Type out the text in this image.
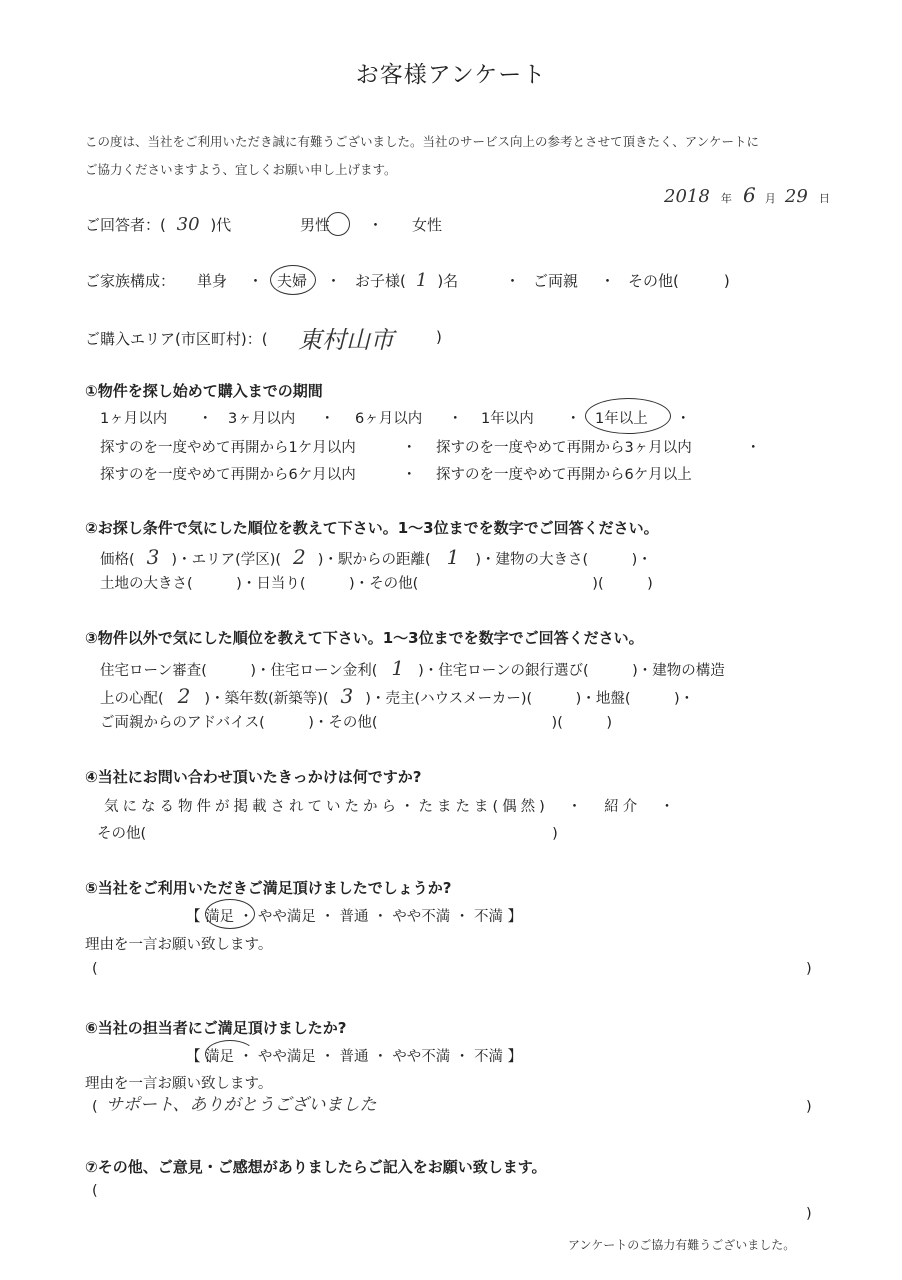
お客様アンケート
この度は、当社をご利用いただき誠に有難うございました。当社のサービス向上の参考とさせて頂きたく、アンケートに
ご協力くださいますよう、宜しくお願い申し上げます。
2018 年 6 月 29 日
ご回答者：( 30 )代	男性	・ 女性
ご家族構成： 単身 ・ 夫婦 ・ お子様( 1 )名	・ ご両親 ・ その他(　　　)
ご購入エリア(市区町村)：( 東村山市	)
①物件を探し始めて購入までの期間
1ヶ月以内 ・ 3ヶ月以内 ・ 6ヶ月以内 ・ 1年以内 ・ 1年以上 ・
探すのを一度やめて再開から1ケ月以内	・ 探すのを一度やめて再開から3ヶ月以内	・
探すのを一度やめて再開から6ケ月以内	・ 探すのを一度やめて再開から6ケ月以上
②お探し条件で気にした順位を教えて下さい。1〜3位までを数字でご回答ください。
価格( 3 )・エリア(学区)( 2 )・駅からの距離( 1 )・建物の大きさ(　　　)・
土地の大きさ(　　　)・日当り(　　　)・その他(　　　　　　　　　　　　)(　　　)
③物件以外で気にした順位を教えて下さい。1〜3位までを数字でご回答ください。
住宅ローン審査(　　　)・住宅ローン金利( 1 )・住宅ローンの銀行選び(　　　)・建物の構造
上の心配( 2 )・築年数(新築等)( 3 )・売主(ハウスメーカー)(　　　)・地盤(　　　)・
ご両親からのアドバイス(　　　)・その他(　　　　　　　　　　　　)(　　　)
④当社にお問い合わせ頂いたきっかけは何ですか?
気になる物件が掲載されていたから・たまたま(偶然)　・　紹介　・
その他(　　　　　　　　　　　　　　　　　　　　　　　　　　　　)
⑤当社をご利用いただきご満足頂けましたでしょうか?
【 満足 ・ やや満足 ・ 普通 ・ やや不満 ・ 不満 】
理由を一言お願い致します。
(	)
⑥当社の担当者にご満足頂けましたか?
【 満足 ・ やや満足 ・ 普通 ・ やや不満 ・ 不満 】
理由を一言お願い致します。
( サポート、ありがとうございました	)
⑦その他、ご意見・ご感想がありましたらご記入をお願い致します。
(
)
アンケートのご協力有難うございました。
